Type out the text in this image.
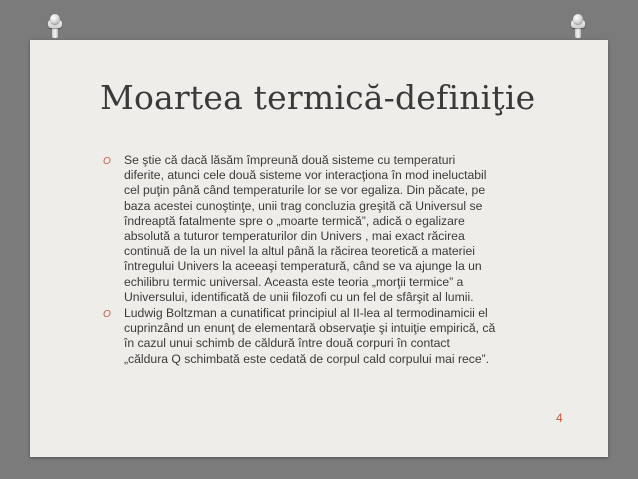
Moartea termică-definiţie
O Se ştie că dacă lăsăm împreună două sisteme cu temperaturi
diferite, atunci cele două sisteme vor interacţiona în mod ineluctabil
cel puţin până când temperaturile lor se vor egaliza. Din păcate, pe
baza acestei cunoştinţe, unii trag concluzia greşită că Universul se
îndreaptă fatalmente spre o „moarte termică”, adică o egalizare
absolută a tuturor temperaturilor din Univers , mai exact răcirea
continuă de la un nivel la altul până la răcirea teoretică a materiei
întregului Univers la aceeaşi temperatură, când se va ajunge la un
echilibru termic universal. Aceasta este teoria „morţii termice” a
Universului, identificată de unii filozofi cu un fel de sfârşit al lumii.
O Ludwig Boltzman a cunatificat principiul al II-lea al termodinamicii el
cuprinzând un enunţ de elementară observaţie şi intuiţie empirică, că
în cazul unui schimb de căldură între două corpuri în contact
„căldura Q schimbată este cedată de corpul cald corpului mai rece”.
4
